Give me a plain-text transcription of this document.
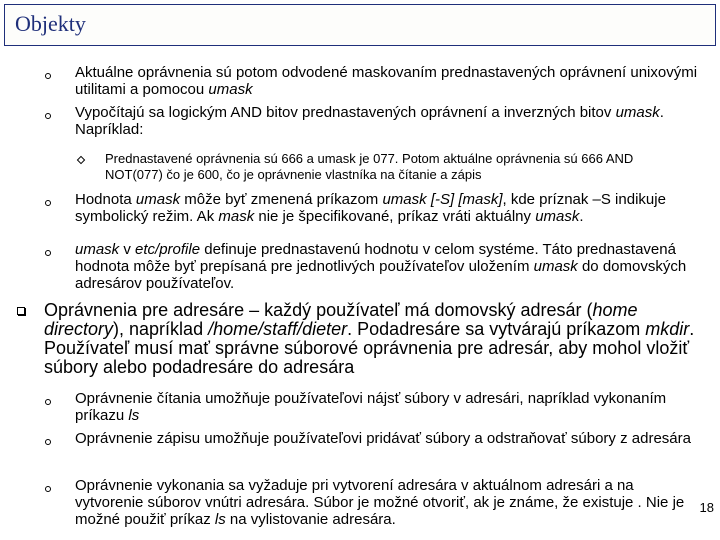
Objekty

Aktuálne oprávnenia sú potom odvodené maskovaním prednastavených oprávnení unixovými utilitami a pomocou umask

Vypočítajú sa logickým AND bitov prednastavených oprávnení a inverzných bitov umask. Napríklad:

Prednastavené oprávnenia sú 666 a umask je 077. Potom aktuálne oprávnenia sú 666 AND NOT(077) čo je 600, čo je oprávnenie vlastníka na čítanie a zápis

Hodnota umask môže byť zmenená príkazom umask [-S] [mask], kde príznak –S indikuje symbolický režim. Ak mask nie je špecifikované, príkaz vráti aktuálny umask.

umask v etc/profile definuje prednastavenú hodnotu v celom systéme. Táto prednastavená hodnota môže byť prepísaná pre jednotlivých používateľov uložením umask do domovských adresárov používateľov.

Oprávnenia pre adresáre – každý používateľ má domovský adresár (home directory), napríklad /home/staff/dieter. Podadresáre sa vytvárajú príkazom mkdir. Používateľ musí mať správne súborové oprávnenia pre adresár, aby mohol vložiť súbory alebo podadresáre do adresára

Oprávnenie čítania umožňuje používateľovi nájsť súbory v adresári, napríklad vykonaním príkazu ls

Oprávnenie zápisu umožňuje používateľovi pridávať súbory a odstraňovať súbory z adresára

Oprávnenie vykonania sa vyžaduje pri vytvorení adresára v aktuálnom adresári a na vytvorenie súborov vnútri adresára. Súbor je možné otvoriť, ak je známe, že existuje . Nie je možné použiť príkaz ls na vylistovanie adresára.

18
